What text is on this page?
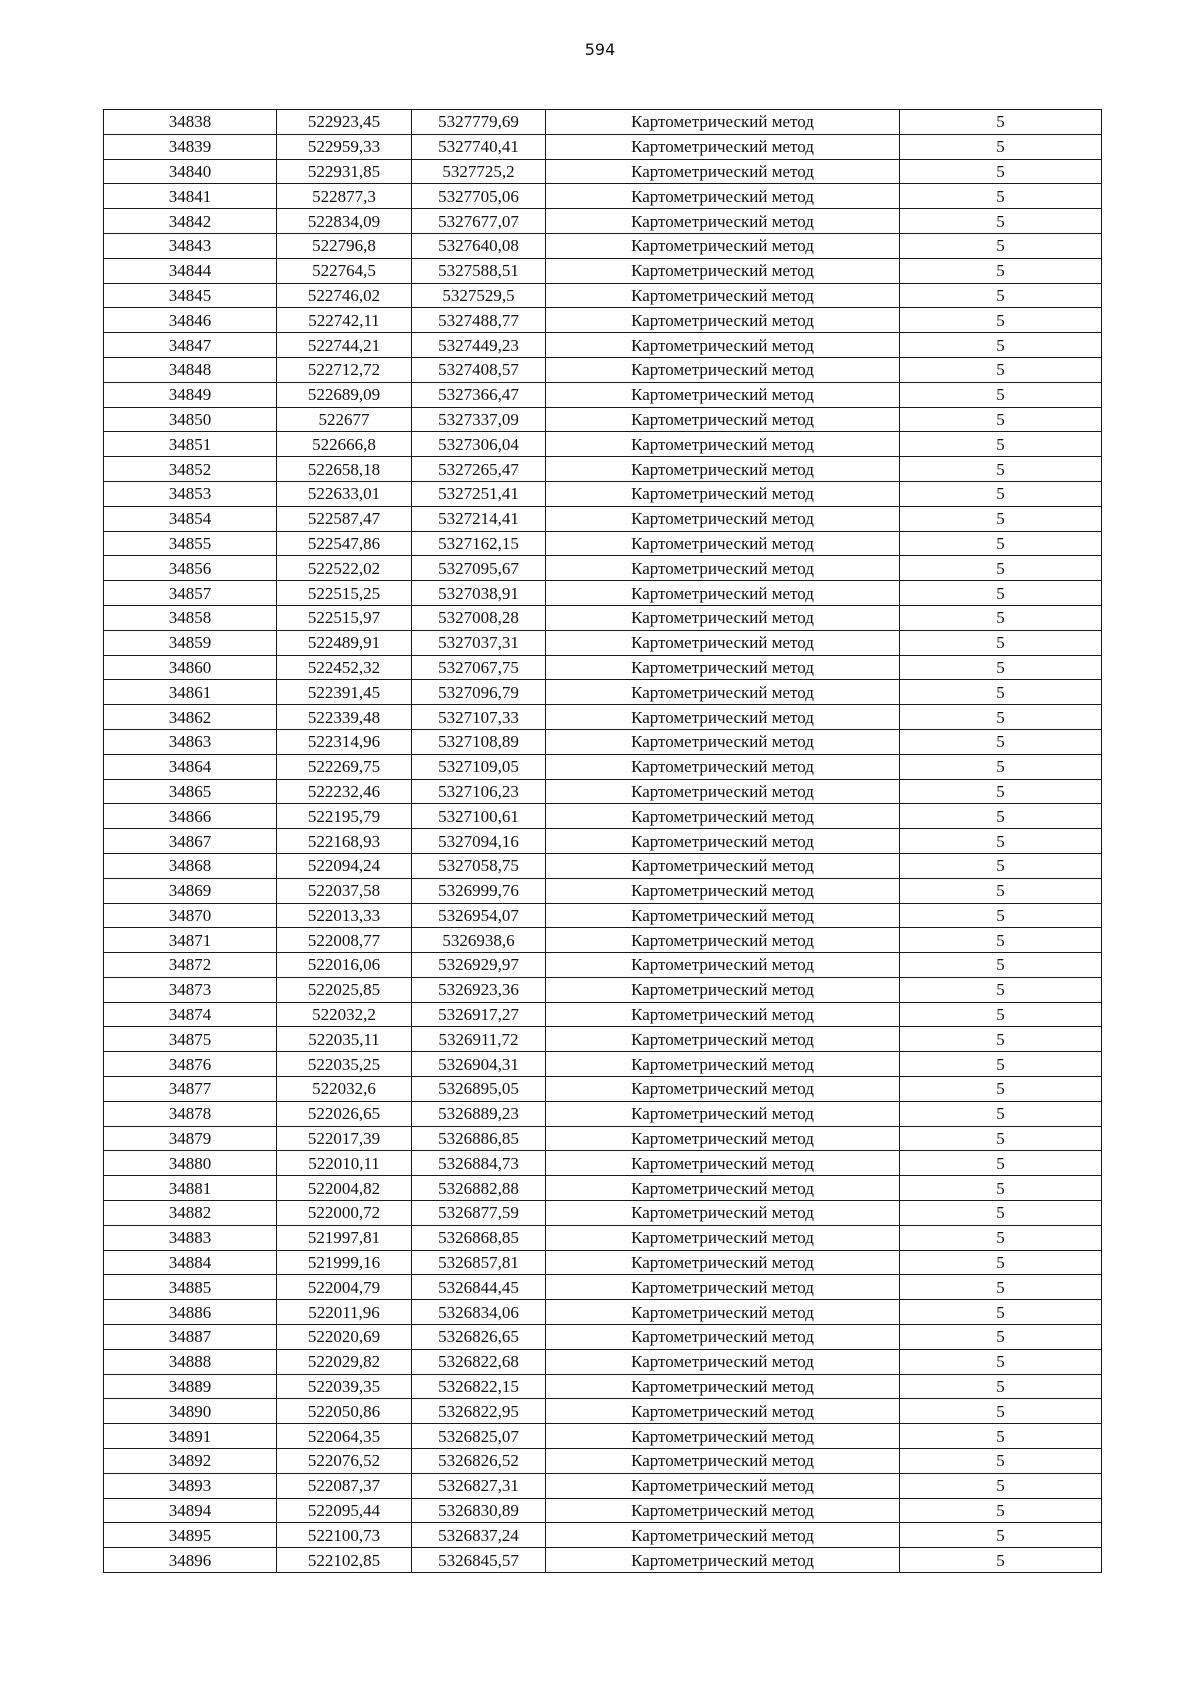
594
34838	522923,45	5327779,69	Картометрический метод	5
34839	522959,33	5327740,41	Картометрический метод	5
34840	522931,85	5327725,2	Картометрический метод	5
34841	522877,3	5327705,06	Картометрический метод	5
34842	522834,09	5327677,07	Картометрический метод	5
34843	522796,8	5327640,08	Картометрический метод	5
34844	522764,5	5327588,51	Картометрический метод	5
34845	522746,02	5327529,5	Картометрический метод	5
34846	522742,11	5327488,77	Картометрический метод	5
34847	522744,21	5327449,23	Картометрический метод	5
34848	522712,72	5327408,57	Картометрический метод	5
34849	522689,09	5327366,47	Картометрический метод	5
34850	522677	5327337,09	Картометрический метод	5
34851	522666,8	5327306,04	Картометрический метод	5
34852	522658,18	5327265,47	Картометрический метод	5
34853	522633,01	5327251,41	Картометрический метод	5
34854	522587,47	5327214,41	Картометрический метод	5
34855	522547,86	5327162,15	Картометрический метод	5
34856	522522,02	5327095,67	Картометрический метод	5
34857	522515,25	5327038,91	Картометрический метод	5
34858	522515,97	5327008,28	Картометрический метод	5
34859	522489,91	5327037,31	Картометрический метод	5
34860	522452,32	5327067,75	Картометрический метод	5
34861	522391,45	5327096,79	Картометрический метод	5
34862	522339,48	5327107,33	Картометрический метод	5
34863	522314,96	5327108,89	Картометрический метод	5
34864	522269,75	5327109,05	Картометрический метод	5
34865	522232,46	5327106,23	Картометрический метод	5
34866	522195,79	5327100,61	Картометрический метод	5
34867	522168,93	5327094,16	Картометрический метод	5
34868	522094,24	5327058,75	Картометрический метод	5
34869	522037,58	5326999,76	Картометрический метод	5
34870	522013,33	5326954,07	Картометрический метод	5
34871	522008,77	5326938,6	Картометрический метод	5
34872	522016,06	5326929,97	Картометрический метод	5
34873	522025,85	5326923,36	Картометрический метод	5
34874	522032,2	5326917,27	Картометрический метод	5
34875	522035,11	5326911,72	Картометрический метод	5
34876	522035,25	5326904,31	Картометрический метод	5
34877	522032,6	5326895,05	Картометрический метод	5
34878	522026,65	5326889,23	Картометрический метод	5
34879	522017,39	5326886,85	Картометрический метод	5
34880	522010,11	5326884,73	Картометрический метод	5
34881	522004,82	5326882,88	Картометрический метод	5
34882	522000,72	5326877,59	Картометрический метод	5
34883	521997,81	5326868,85	Картометрический метод	5
34884	521999,16	5326857,81	Картометрический метод	5
34885	522004,79	5326844,45	Картометрический метод	5
34886	522011,96	5326834,06	Картометрический метод	5
34887	522020,69	5326826,65	Картометрический метод	5
34888	522029,82	5326822,68	Картометрический метод	5
34889	522039,35	5326822,15	Картометрический метод	5
34890	522050,86	5326822,95	Картометрический метод	5
34891	522064,35	5326825,07	Картометрический метод	5
34892	522076,52	5326826,52	Картометрический метод	5
34893	522087,37	5326827,31	Картометрический метод	5
34894	522095,44	5326830,89	Картометрический метод	5
34895	522100,73	5326837,24	Картометрический метод	5
34896	522102,85	5326845,57	Картометрический метод	5
